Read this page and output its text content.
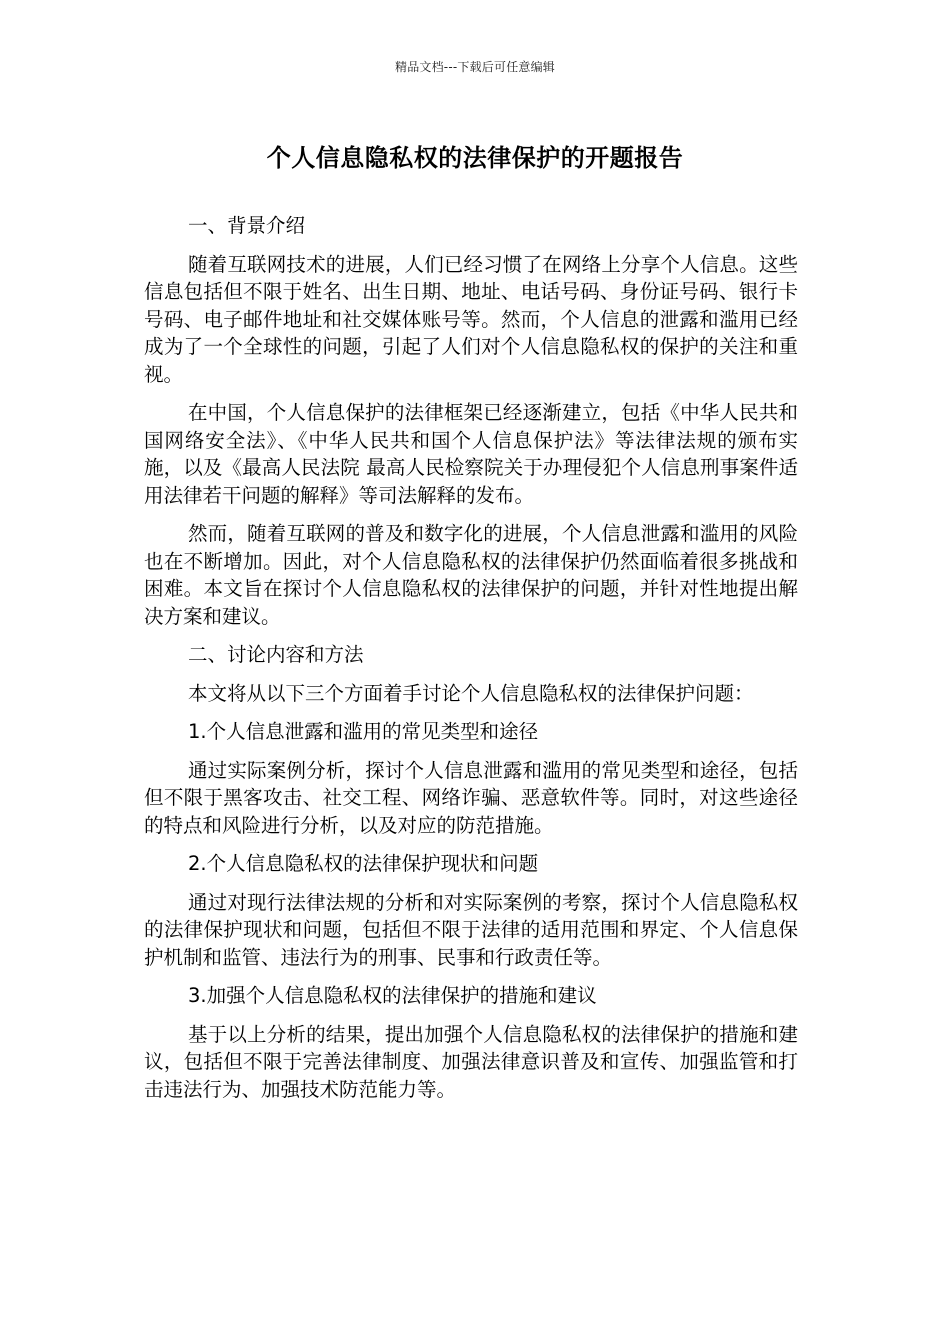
精品文档---下载后可任意编辑
个人信息隐私权的法律保护的开题报告

一、背景介绍

随着互联网技术的进展，人们已经习惯了在网络上分享个人信息。这些信息包括但不限于姓名、出生日期、地址、电话号码、身份证号码、银行卡号码、电子邮件地址和社交媒体账号等。然而，个人信息的泄露和滥用已经成为了一个全球性的问题，引起了人们对个人信息隐私权的保护的关注和重视。

在中国，个人信息保护的法律框架已经逐渐建立，包括《中华人民共和国网络安全法》、《中华人民共和国个人信息保护法》等法律法规的颁布实施，以及《最高人民法院 最高人民检察院关于办理侵犯个人信息刑事案件适用法律若干问题的解释》等司法解释的发布。

然而，随着互联网的普及和数字化的进展，个人信息泄露和滥用的风险也在不断增加。因此，对个人信息隐私权的法律保护仍然面临着很多挑战和困难。本文旨在探讨个人信息隐私权的法律保护的问题，并针对性地提出解决方案和建议。

二、讨论内容和方法

本文将从以下三个方面着手讨论个人信息隐私权的法律保护问题：

1.个人信息泄露和滥用的常见类型和途径

通过实际案例分析，探讨个人信息泄露和滥用的常见类型和途径，包括但不限于黑客攻击、社交工程、网络诈骗、恶意软件等。同时，对这些途径的特点和风险进行分析，以及对应的防范措施。

2.个人信息隐私权的法律保护现状和问题

通过对现行法律法规的分析和对实际案例的考察，探讨个人信息隐私权的法律保护现状和问题，包括但不限于法律的适用范围和界定、个人信息保护机制和监管、违法行为的刑事、民事和行政责任等。

3.加强个人信息隐私权的法律保护的措施和建议

基于以上分析的结果，提出加强个人信息隐私权的法律保护的措施和建议，包括但不限于完善法律制度、加强法律意识普及和宣传、加强监管和打击违法行为、加强技术防范能力等。
